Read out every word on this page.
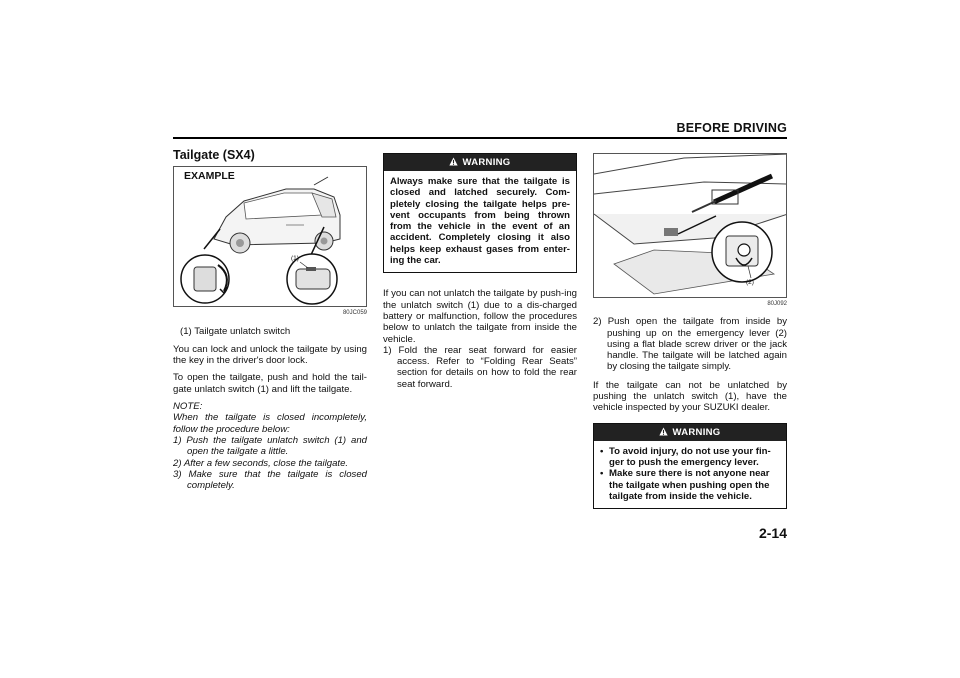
BEFORE DRIVING
Tailgate (SX4)
EXAMPLE
(1)
80JC059
(1) Tailgate unlatch switch

You can lock and unlock the tailgate by using the key in the driver's door lock.

To open the tailgate, push and hold the tail-gate unlatch switch (1) and lift the tailgate.

NOTE:

When the tailgate is closed incompletely, follow the procedure below:

1) Push the tailgate unlatch switch (1) and open the tailgate a little.

2) After a few seconds, close the tailgate.

3) Make sure that the tailgate is closed completely.

WARNING
Always make sure that the tailgate is closed and latched securely. Com-pletely closing the tailgate helps pre-vent occupants from being thrown from the vehicle in the event of an accident. Completely closing it also helps keep exhaust gases from enter-ing the car.

If you can not unlatch the tailgate by push-ing the unlatch switch (1) due to a dis-charged battery or malfunction, follow the procedures below to unlatch the tailgate from inside the vehicle.

1) Fold the rear seat forward for easier access. Refer to “Folding Rear Seats” section for details on how to fold the rear seat forward.
(2)
80J092
2) Push open the tailgate from inside by pushing up on the emergency lever (2) using a flat blade screw driver or the jack handle. The tailgate will be latched again by closing the tailgate simply.

If the tailgate can not be unlatched by pushing the unlatch switch (1), have the vehicle inspected by your SUZUKI dealer.

WARNING
• To avoid injury, do not use your fin-ger to push the emergency lever.
• Make sure there is not anyone near the tailgate when pushing open the tailgate from inside the vehicle.
2-14
